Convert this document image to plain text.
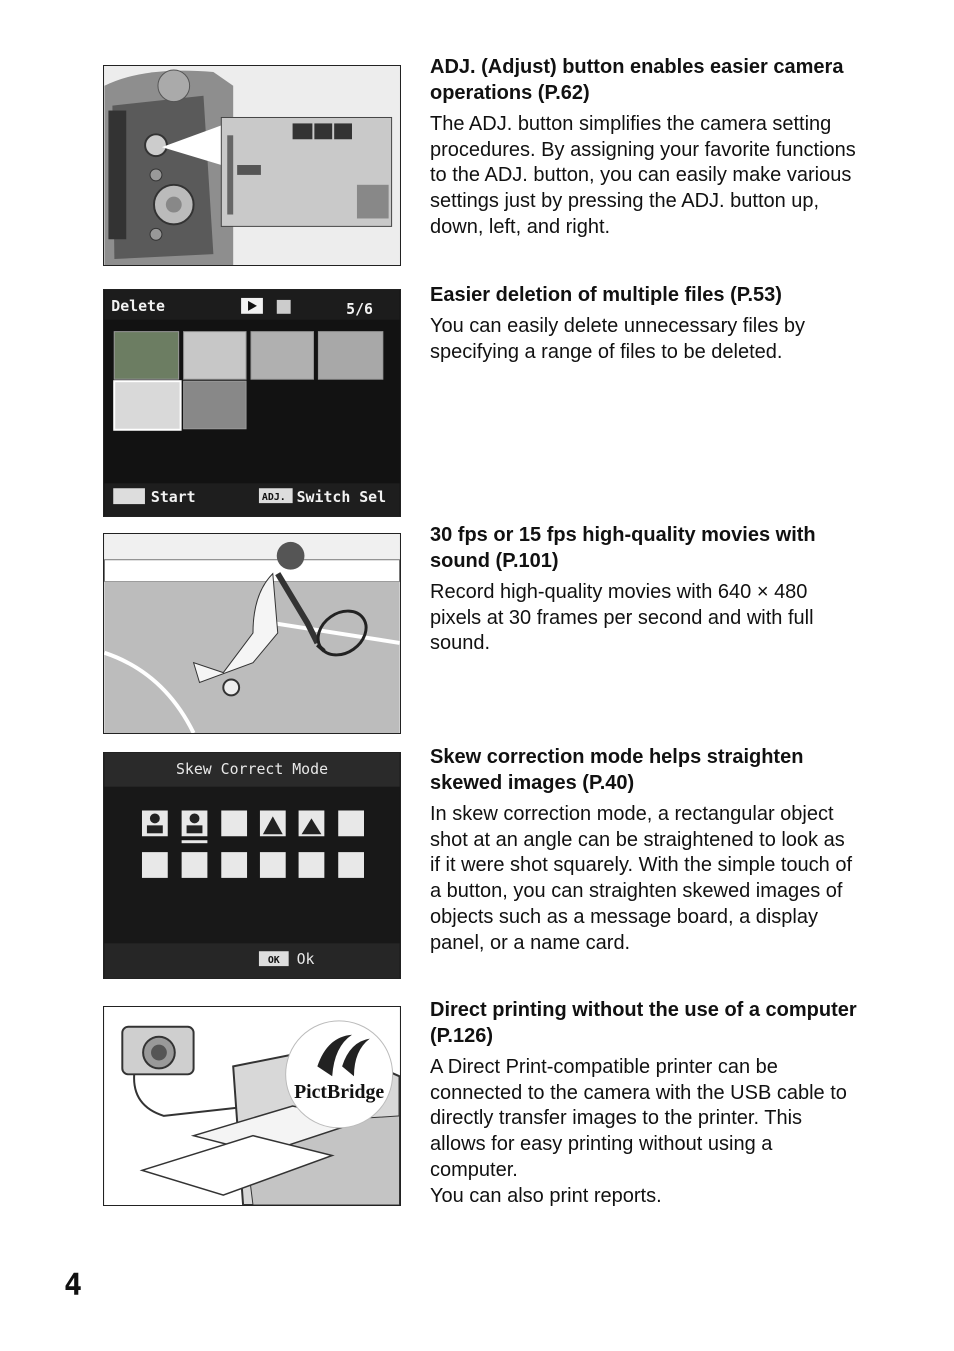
ADJ. (Adjust) button enables easier camera operations (P.62)

The ADJ. button simplifies the camera setting procedures. By assigning your favorite functions to the ADJ. button, you can easily make various settings just by pressing the ADJ. button up, down, left, and right.

Delete	5/6
Start	ADJ. Switch Sel
Easier deletion of multiple files (P.53)

You can easily delete unnecessary files by specifying a range of files to be deleted.

30 fps or 15 fps high-quality movies with sound (P.101)

Record high-quality movies with 640 × 480 pixels at 30 frames per second and with full sound.

Skew Correct Mode
OK Ok
Skew correction mode helps straighten skewed images (P.40)

In skew correction mode, a rectangular object shot at an angle can be straightened to look as if it were shot squarely. With the simple touch of a button, you can straighten skewed images of objects such as a message board, a display panel, or a name card.

PictBridge
Direct printing without the use of a computer (P.126)

A Direct Print-compatible printer can be connected to the camera with the USB cable to directly transfer images to the printer. This allows for easy printing without using a computer.

You can also print reports.

4
